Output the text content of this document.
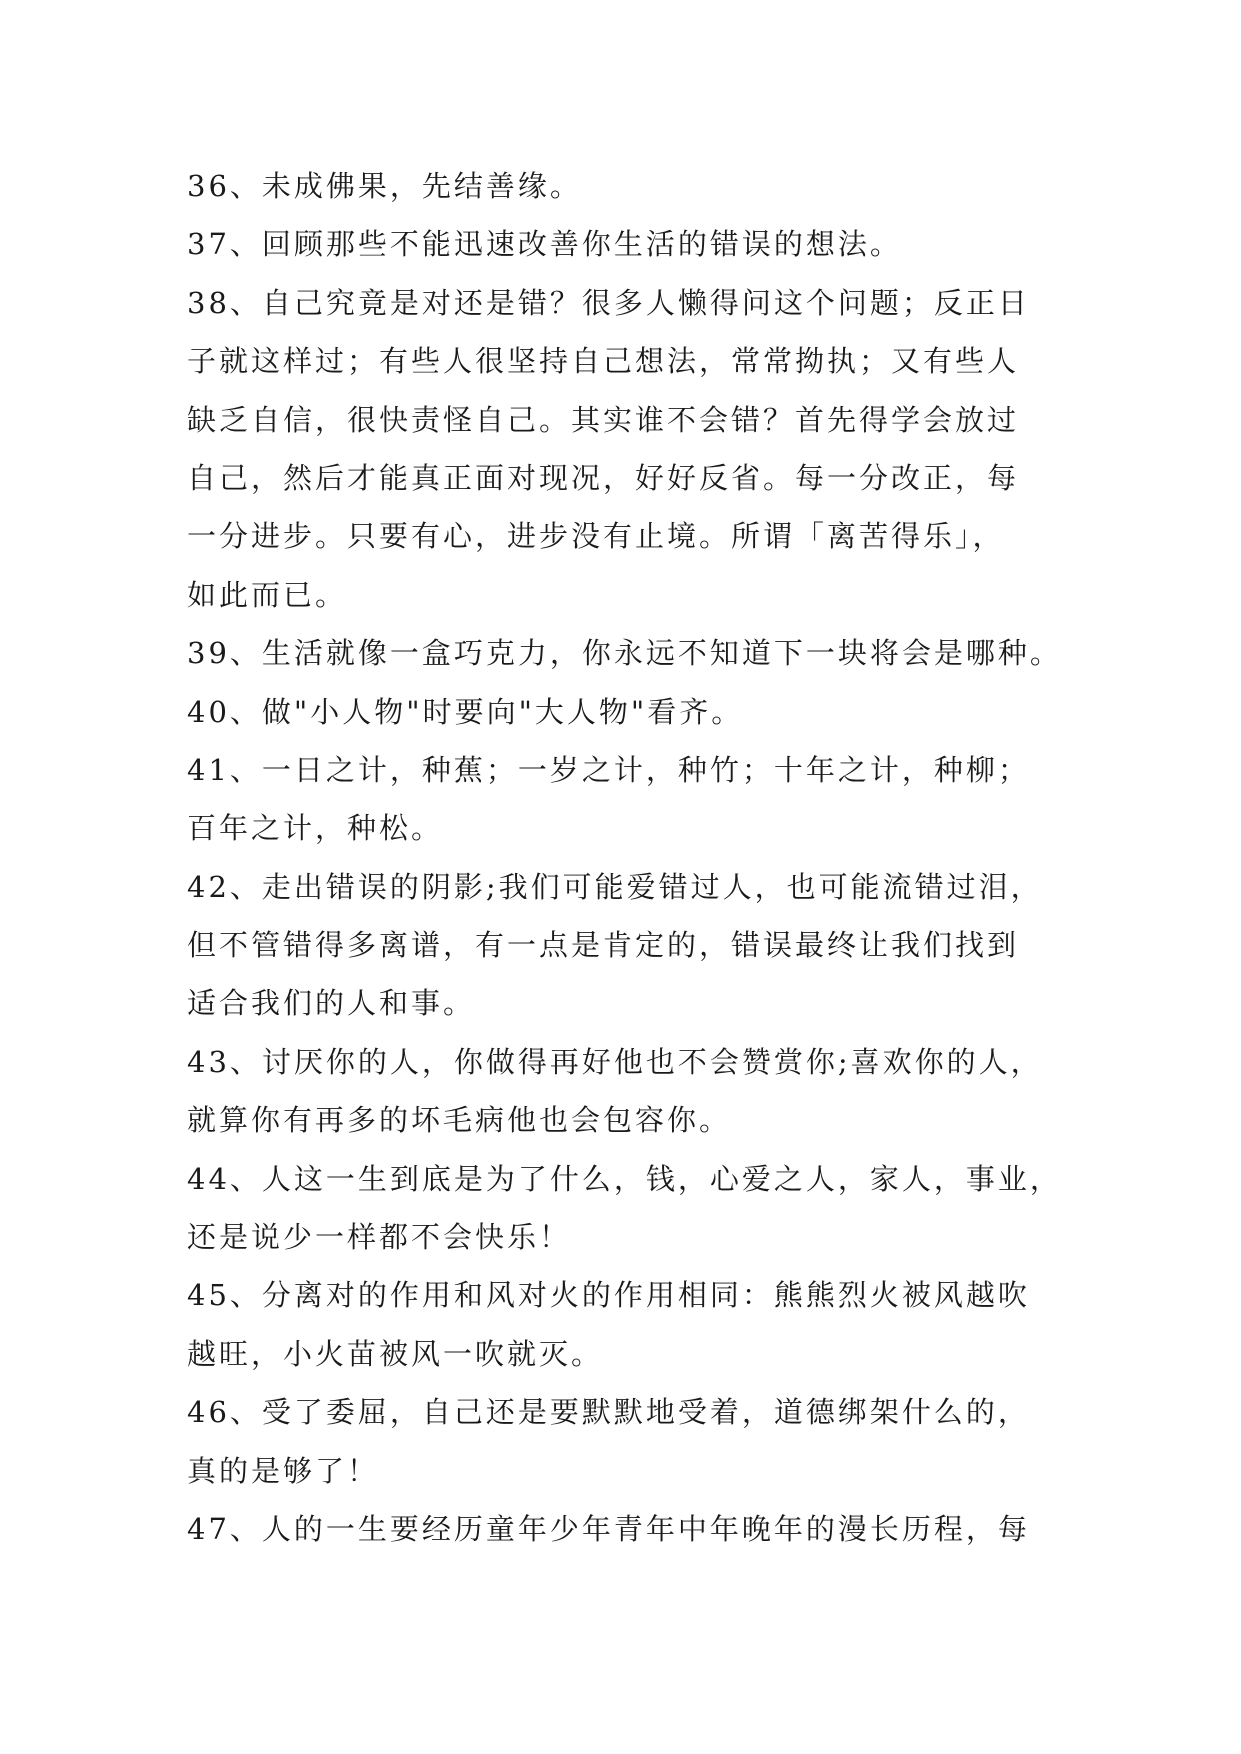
36、未成佛果，先结善缘。
37、回顾那些不能迅速改善你生活的错误的想法。
38、自己究竟是对还是错？很多人懒得问这个问题；反正日
子就这样过；有些人很坚持自己想法，常常拗执；又有些人
缺乏自信，很快责怪自己。其实谁不会错？首先得学会放过
自己，然后才能真正面对现况，好好反省。每一分改正，每
一分进步。只要有心，进步没有止境。所谓「离苦得乐」，
如此而已。
39、生活就像一盒巧克力，你永远不知道下一块将会是哪种。
40、做"小人物"时要向"大人物"看齐。
41、一日之计，种蕉；一岁之计，种竹；十年之计，种柳；
百年之计，种松。
42、走出错误的阴影;我们可能爱错过人，也可能流错过泪，
但不管错得多离谱，有一点是肯定的，错误最终让我们找到
适合我们的人和事。
43、讨厌你的人，你做得再好他也不会赞赏你;喜欢你的人，
就算你有再多的坏毛病他也会包容你。
44、人这一生到底是为了什么，钱，心爱之人，家人，事业，
还是说少一样都不会快乐！
45、分离对的作用和风对火的作用相同：熊熊烈火被风越吹
越旺，小火苗被风一吹就灭。
46、受了委屈，自己还是要默默地受着，道德绑架什么的，
真的是够了！
47、人的一生要经历童年少年青年中年晚年的漫长历程，每
